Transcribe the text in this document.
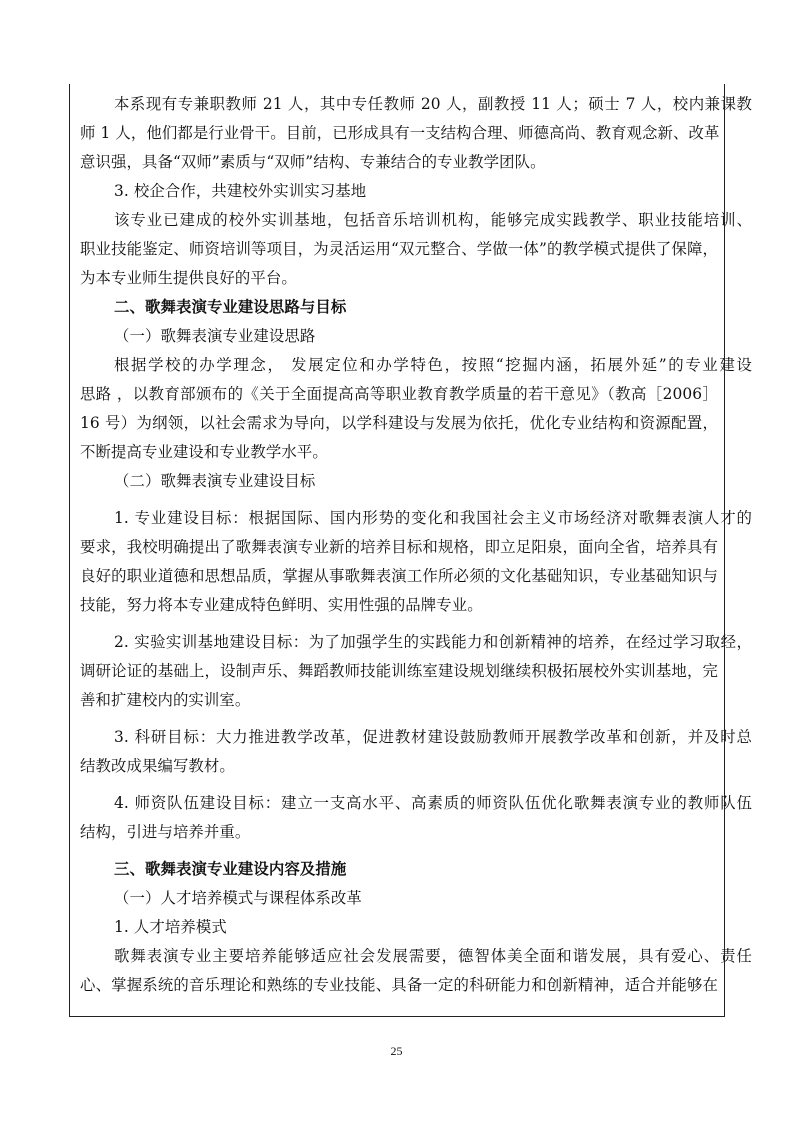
本系现有专兼职教师 21 人，其中专任教师 20 人，副教授 11 人；硕士 7 人，校内兼课教
师 1 人，他们都是行业骨干。目前，已形成具有一支结构合理、师德高尚、教育观念新、改革
意识强，具备“双师”素质与“双师”结构、专兼结合的专业教学团队。
3. 校企合作，共建校外实训实习基地
该专业已建成的校外实训基地，包括音乐培训机构，能够完成实践教学、职业技能培训、
职业技能鉴定、师资培训等项目，为灵活运用“双元整合、学做一体”的教学模式提供了保障，
为本专业师生提供良好的平台。
二、歌舞表演专业建设思路与目标
（一）歌舞表演专业建设思路
根据学校的办学理念， 发展定位和办学特色，按照“挖掘内涵，拓展外延”的专业建设
思路 ，以教育部颁布的《关于全面提高高等职业教育教学质量的若干意见》（教高［2006］
16 号）为纲领，以社会需求为导向，以学科建设与发展为依托，优化专业结构和资源配置，
不断提高专业建设和专业教学水平。
（二）歌舞表演专业建设目标
1. 专业建设目标：根据国际、国内形势的变化和我国社会主义市场经济对歌舞表演人才的
要求，我校明确提出了歌舞表演专业新的培养目标和规格，即立足阳泉，面向全省，培养具有
良好的职业道德和思想品质，掌握从事歌舞表演工作所必须的文化基础知识，专业基础知识与
技能，努力将本专业建成特色鲜明、实用性强的品牌专业。
2. 实验实训基地建设目标：为了加强学生的实践能力和创新精神的培养，在经过学习取经，
调研论证的基础上，设制声乐、舞蹈教师技能训练室建设规划继续积极拓展校外实训基地，完
善和扩建校内的实训室。
3. 科研目标：大力推进教学改革，促进教材建设鼓励教师开展教学改革和创新，并及时总
结教改成果编写教材。
4. 师资队伍建设目标：建立一支高水平、高素质的师资队伍优化歌舞表演专业的教师队伍
结构，引进与培养并重。
三、歌舞表演专业建设内容及措施
（一）人才培养模式与课程体系改革
1. 人才培养模式
歌舞表演专业主要培养能够适应社会发展需要，德智体美全面和谐发展，具有爱心、责任
心、掌握系统的音乐理论和熟练的专业技能、具备一定的科研能力和创新精神，适合并能够在
25
